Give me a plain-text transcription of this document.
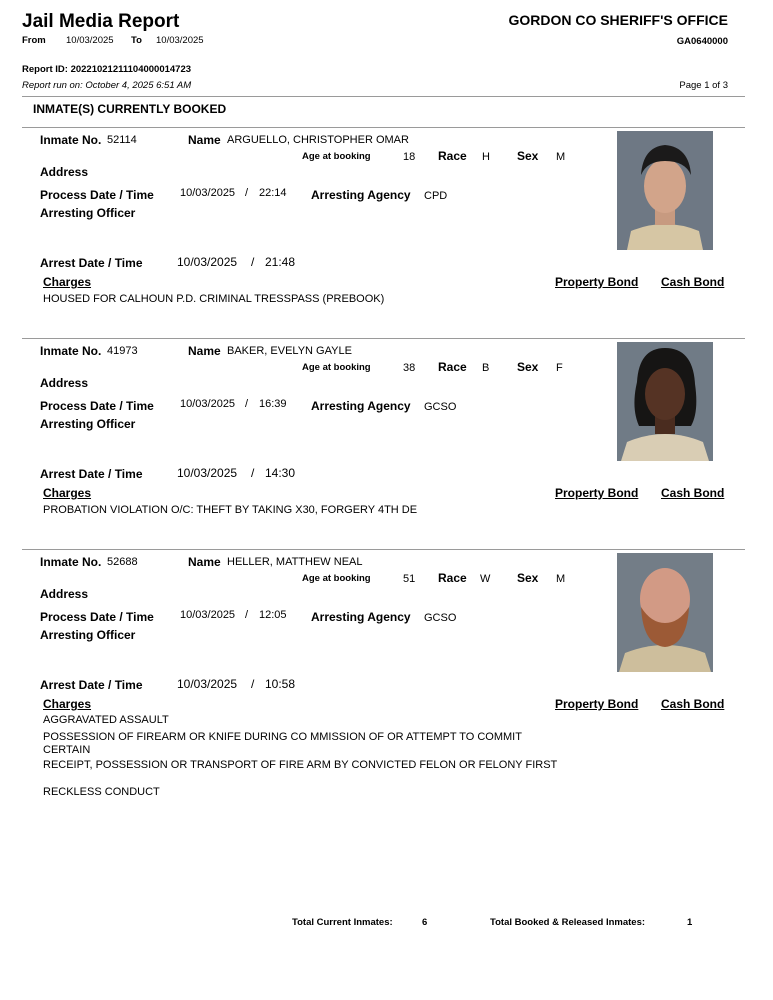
Jail Media Report	GORDON CO SHERIFF'S OFFICE
From 10/03/2025 To 10/03/2025	GA0640000
Report ID: 20221021211104000014723
Report run on: October 4, 2025 6:51 AM	Page 1 of 3
INMATE(S) CURRENTLY BOOKED
Inmate No. 52114	Name ARGUELLO, CHRISTOPHER OMAR
Age at booking	18 Race H Sex M
Address
Process Date / Time 10/03/2025 / 22:14 Arresting Agency CPD
Arresting Officer
Arrest Date / Time	10/03/2025 / 21:48
Charges	Property Bond Cash Bond
HOUSED FOR CALHOUN P.D. CRIMINAL TRESSPASS (PREBOOK)
Inmate No. 41973	Name BAKER, EVELYN GAYLE
Age at booking	38 Race B Sex F
Address
Process Date / Time 10/03/2025 / 16:39 Arresting Agency GCSO
Arresting Officer
Arrest Date / Time	10/03/2025 / 14:30
Charges	Property Bond Cash Bond
PROBATION VIOLATION O/C: THEFT BY TAKING X30, FORGERY 4TH DE
Inmate No. 52688	Name HELLER, MATTHEW NEAL
Age at booking	51 Race W Sex M
Address
Process Date / Time 10/03/2025 / 12:05 Arresting Agency GCSO
Arresting Officer
Arrest Date / Time	10/03/2025 / 10:58
Charges	Property Bond Cash Bond
AGGRAVATED ASSAULT
POSSESSION OF FIREARM OR KNIFE DURING CO MMISSION OF OR ATTEMPT TO COMMIT CERTAIN
RECEIPT, POSSESSION OR TRANSPORT OF FIRE ARM BY CONVICTED FELON OR FELONY FIRST
RECKLESS CONDUCT
Total Current Inmates:	6	Total Booked & Released Inmates:	1
